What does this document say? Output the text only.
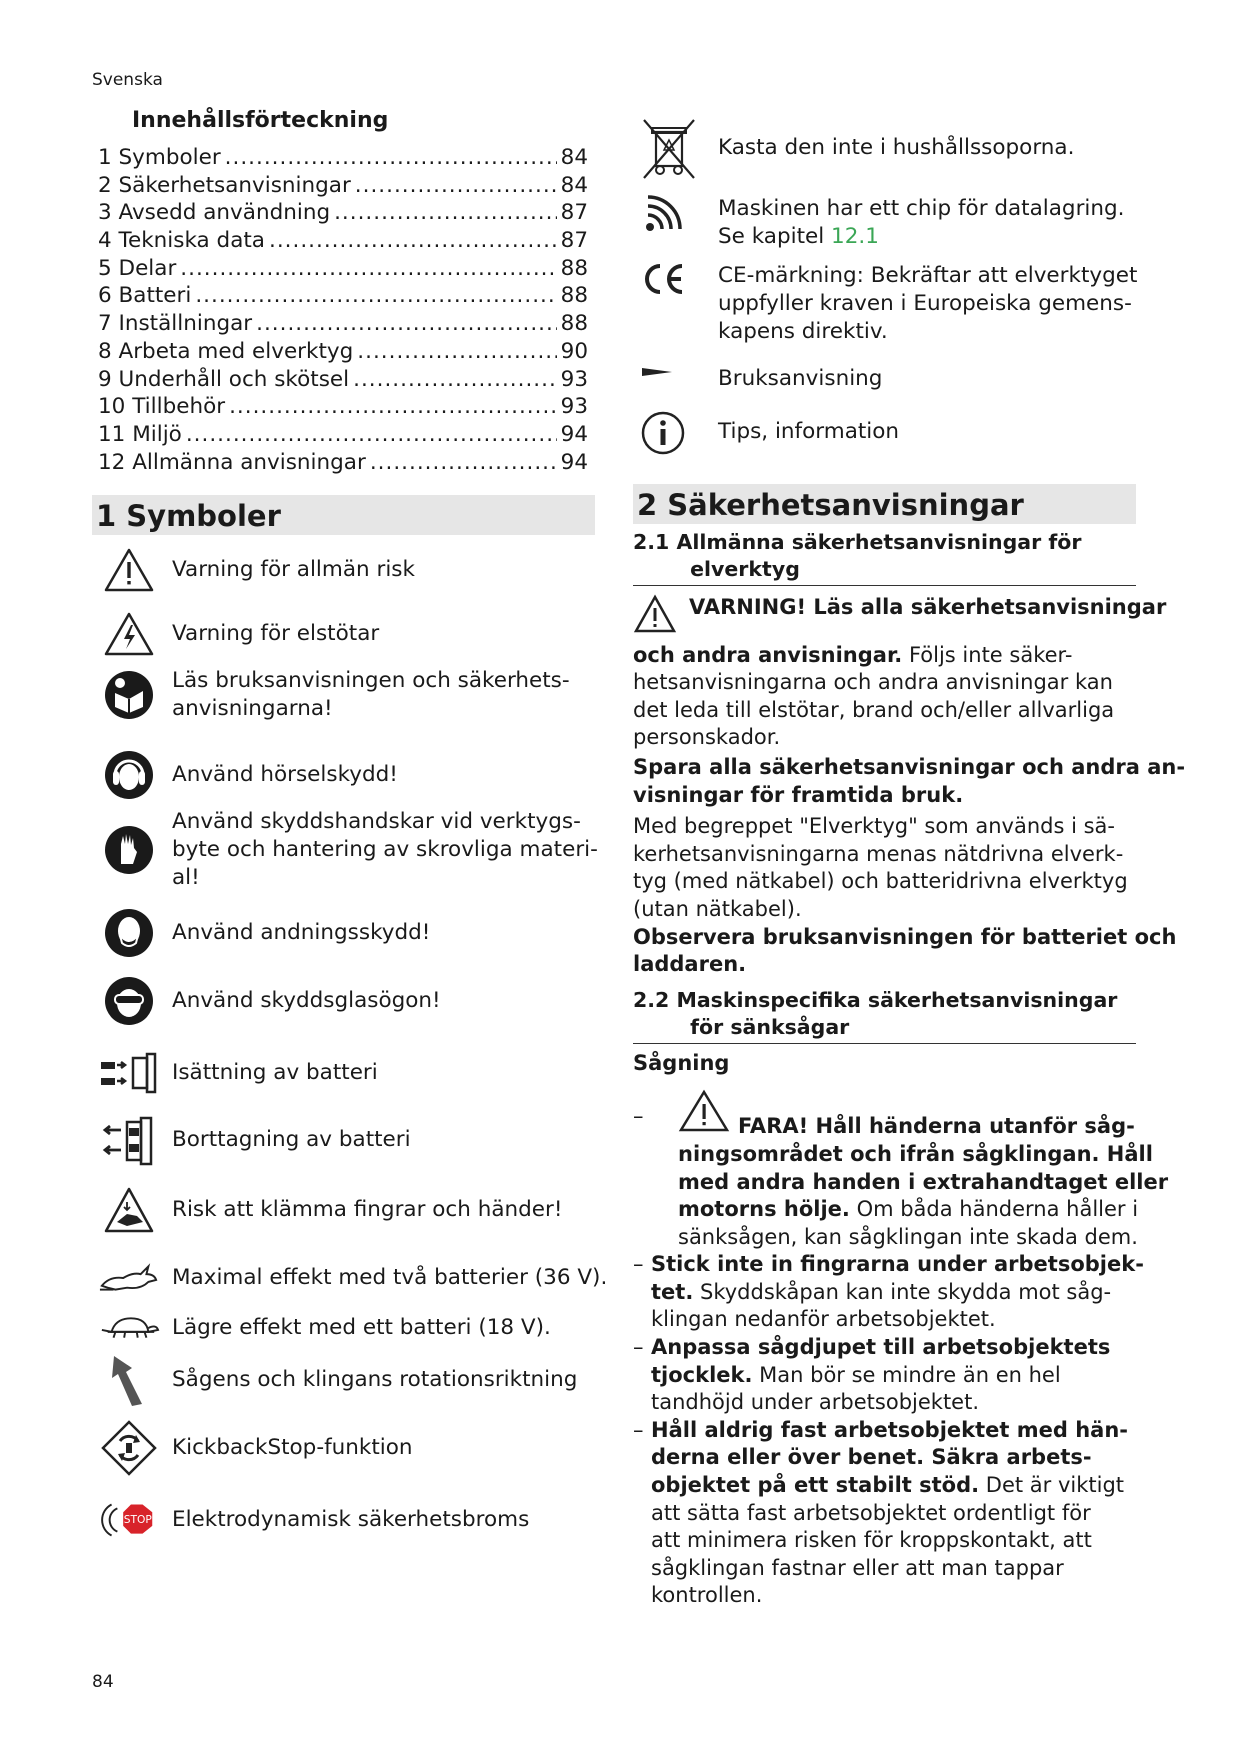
Svenska
Innehållsförteckning
1 Symboler .....	84
2 Säkerhetsanvisningar .....	84
3 Avsedd användning .....	87
4 Tekniska data .....	87
5 Delar .....	88
6 Batteri .....	88
7 Inställningar .....	88
8 Arbeta med elverktyg .....	90
9 Underhåll och skötsel .....	93
10 Tillbehör .....	93
11 Miljö .....	94
12 Allmänna anvisningar .....	94
1 Symboler
Varning för allmän risk
Varning för elstötar
Läs bruksanvisningen och säkerhets-
anvisningarna!
Använd hörselskydd!
Använd skyddshandskar vid verktygs-
byte och hantering av skrovliga materi-
al!
Använd andningsskydd!
Använd skyddsglasögon!
Isättning av batteri
Borttagning av batteri
Risk att klämma fingrar och händer!
Maximal effekt med två batterier (36 V).
Lägre effekt med ett batteri (18 V).
Sågens och klingans rotationsriktning
KickbackStop-funktion
STOP Elektrodynamisk säkerhetsbroms
Kasta den inte i hushållssoporna.
Maskinen har ett chip för datalagring.
Se kapitel 12.1
CE-märkning: Bekräftar att elverktyget
uppfyller kraven i Europeiska gemens-
kapens direktiv.
Bruksanvisning
Tips, information
2 Säkerhetsanvisningar
2.1 Allmänna säkerhetsanvisningar för
elverktyg
VARNING! Läs alla säkerhetsanvisningar
och andra anvisningar. Följs inte säker-
hetsanvisningarna och andra anvisningar kan
det leda till elstötar, brand och/eller allvarliga
personskador.
Spara alla säkerhetsanvisningar och andra an-
visningar för framtida bruk.
Med begreppet "Elverktyg" som används i sä-
kerhetsanvisningarna menas nätdrivna elverk-
tyg (med nätkabel) och batteridrivna elverktyg
(utan nätkabel).
Observera bruksanvisningen för batteriet och
laddaren.
2.2 Maskinspecifika säkerhetsanvisningar
för sänksågar
Sågning
–	FARA! Håll händerna utanför såg-
ningsområdet och ifrån sågklingan. Håll
med andra handen i extrahandtaget eller
motorns hölje. Om båda händerna håller i
sänksågen, kan sågklingan inte skada dem.
– Stick inte in fingrarna under arbetsobjek-
tet. Skyddskåpan kan inte skydda mot såg-
klingan nedanför arbetsobjektet.
– Anpassa sågdjupet till arbetsobjektets
tjocklek. Man bör se mindre än en hel
tandhöjd under arbetsobjektet.
– Håll aldrig fast arbetsobjektet med hän-
derna eller över benet. Säkra arbets-
objektet på ett stabilt stöd. Det är viktigt
att sätta fast arbetsobjektet ordentligt för
att minimera risken för kroppskontakt, att
sågklingan fastnar eller att man tappar
kontrollen.
84
